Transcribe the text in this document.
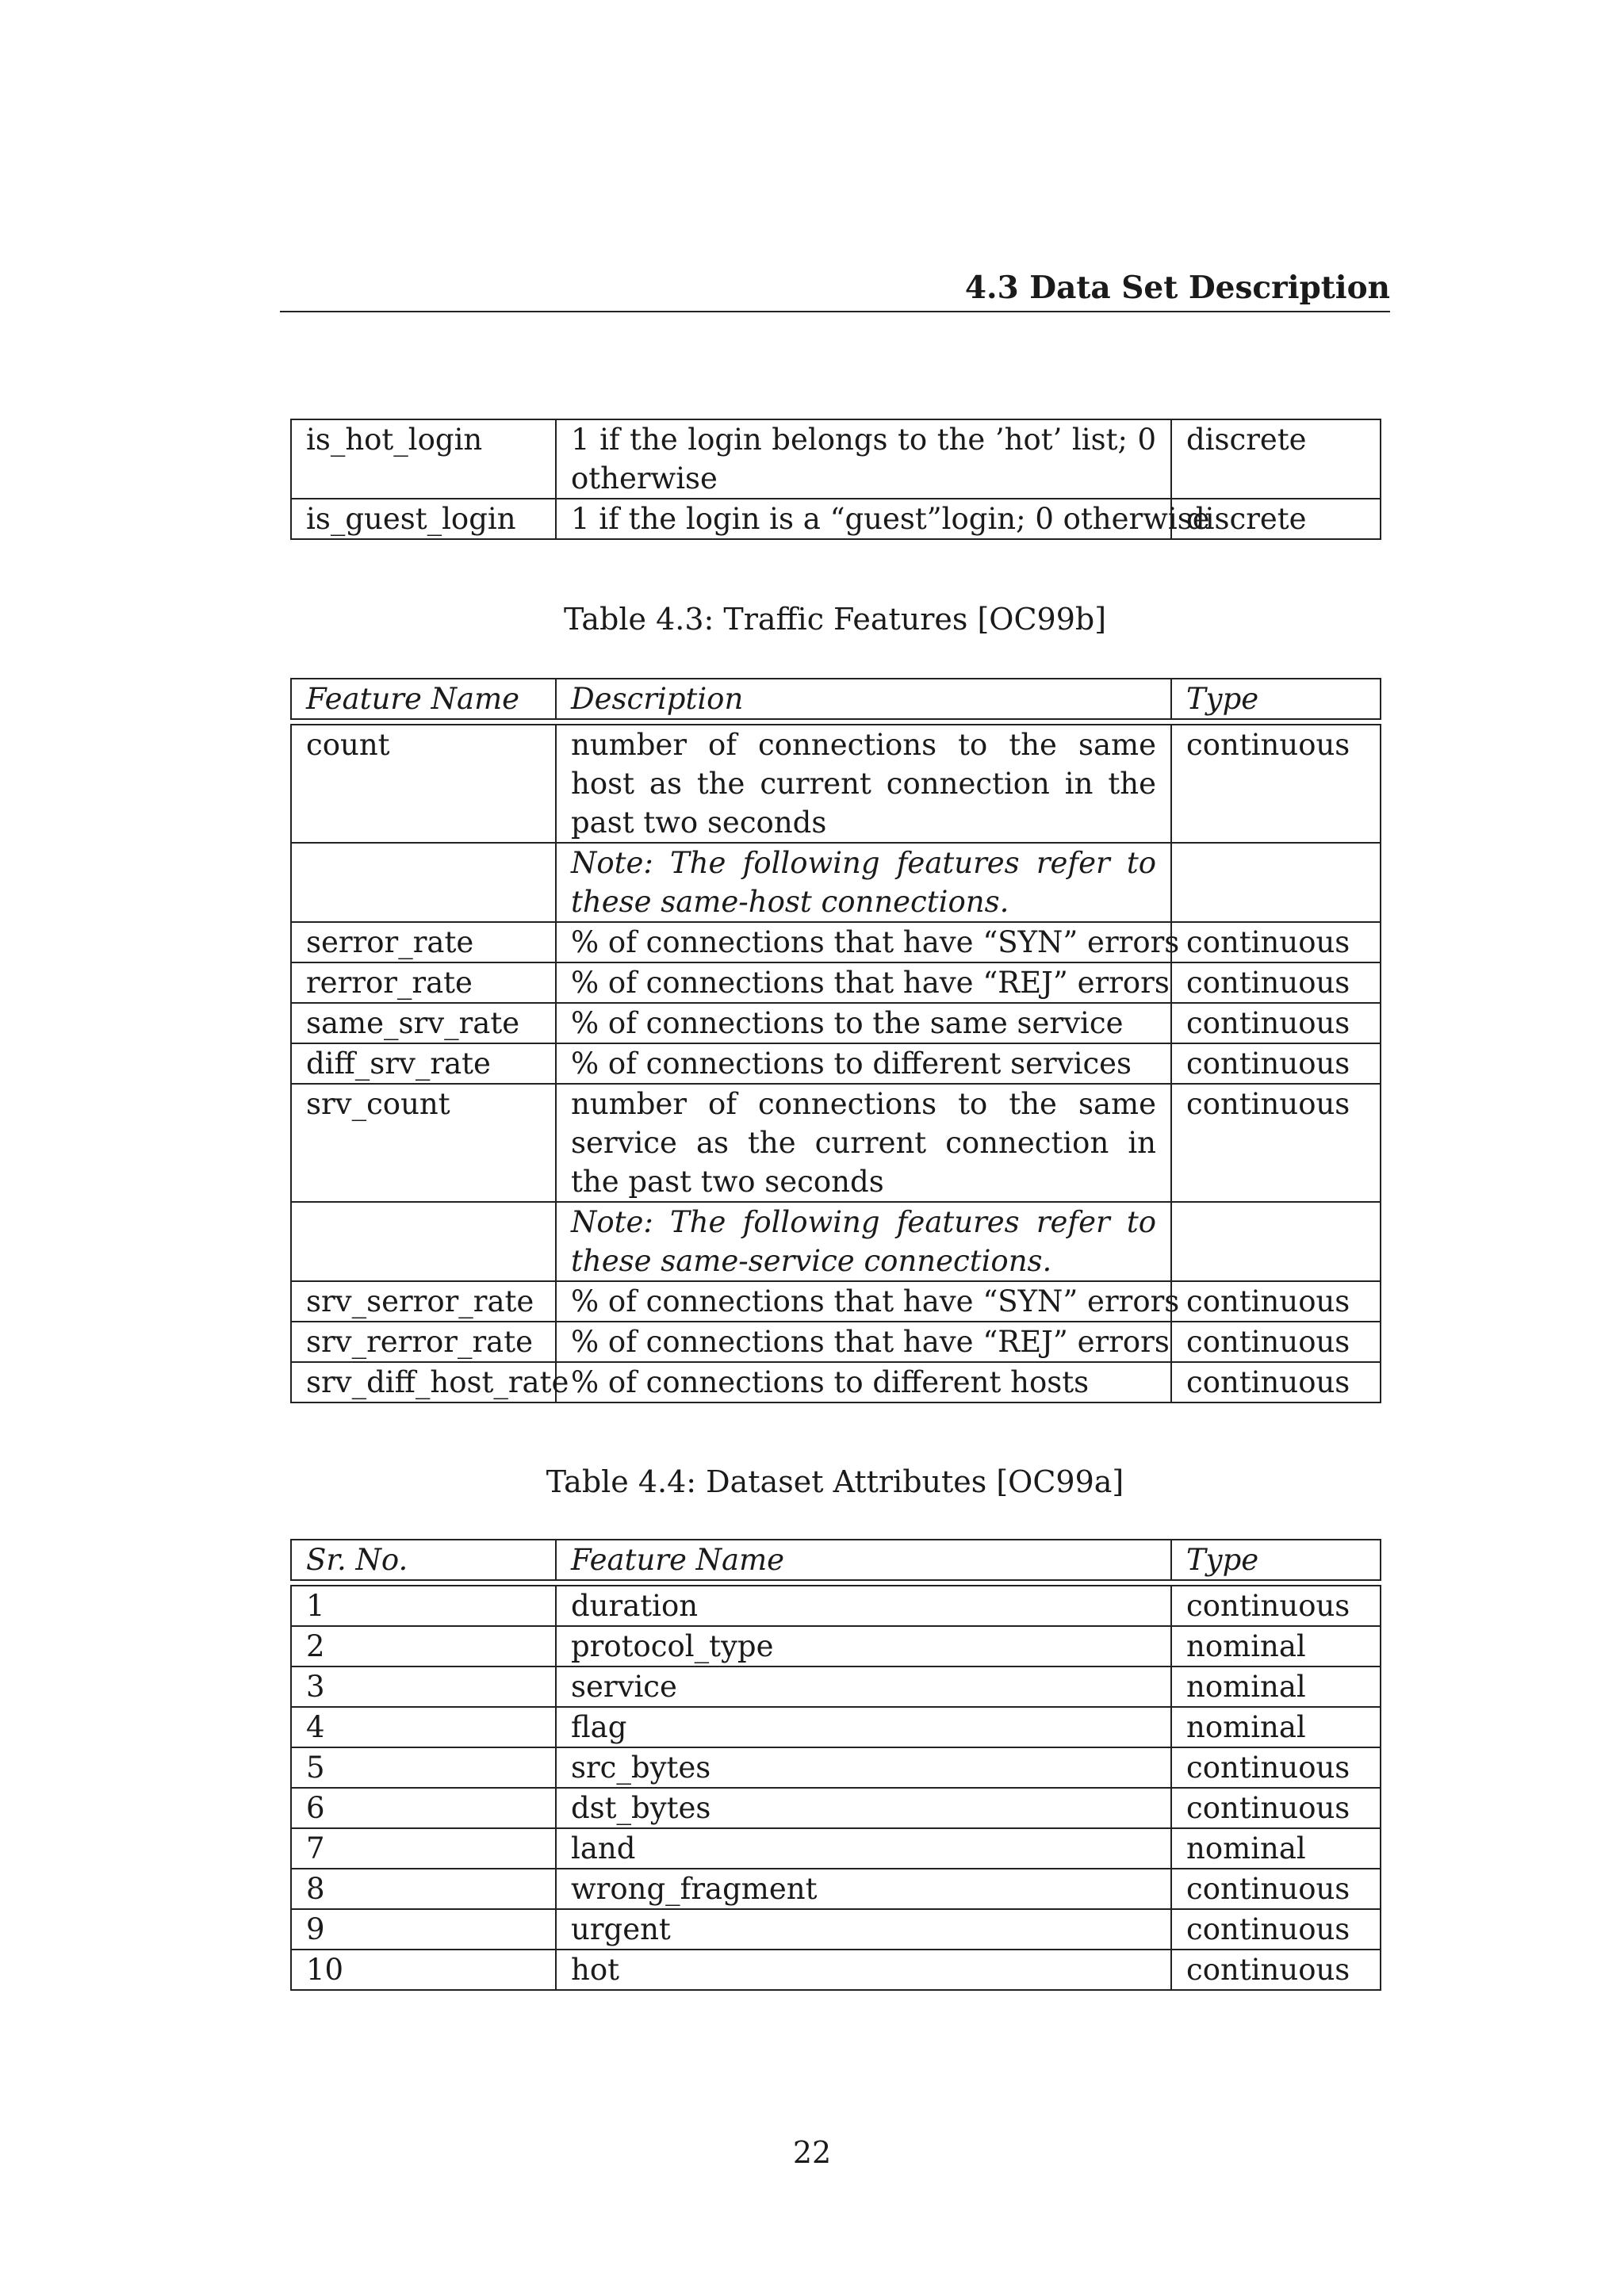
4.3 Data Set Description
is_hot_login	1 if the login belongs to the ’hot’ list; 0 otherwise	discrete
is_guest_login	1 if the login is a “guest”login; 0 otherwise	discrete
Table 4.3: Traffic Features [OC99b]
Feature Name	Description	Type
count	number of connections to the same host as the current connection in the past two seconds	continuous
	Note: The following features refer to these same-host connections.	
serror_rate	% of connections that have “SYN” errors	continuous
rerror_rate	% of connections that have “REJ” errors	continuous
same_srv_rate	% of connections to the same service	continuous
diff_srv_rate	% of connections to different services	continuous
srv_count	number of connections to the same service as the current connection in the past two seconds	continuous
	Note: The following features refer to these same-service connections.	
srv_serror_rate	% of connections that have “SYN” errors	continuous
srv_rerror_rate	% of connections that have “REJ” errors	continuous
srv_diff_host_rate	% of connections to different hosts	continuous
Table 4.4: Dataset Attributes [OC99a]
Sr. No.	Feature Name	Type
1	duration	continuous
2	protocol_type	nominal
3	service	nominal
4	flag	nominal
5	src_bytes	continuous
6	dst_bytes	continuous
7	land	nominal
8	wrong_fragment	continuous
9	urgent	continuous
10	hot	continuous
22
